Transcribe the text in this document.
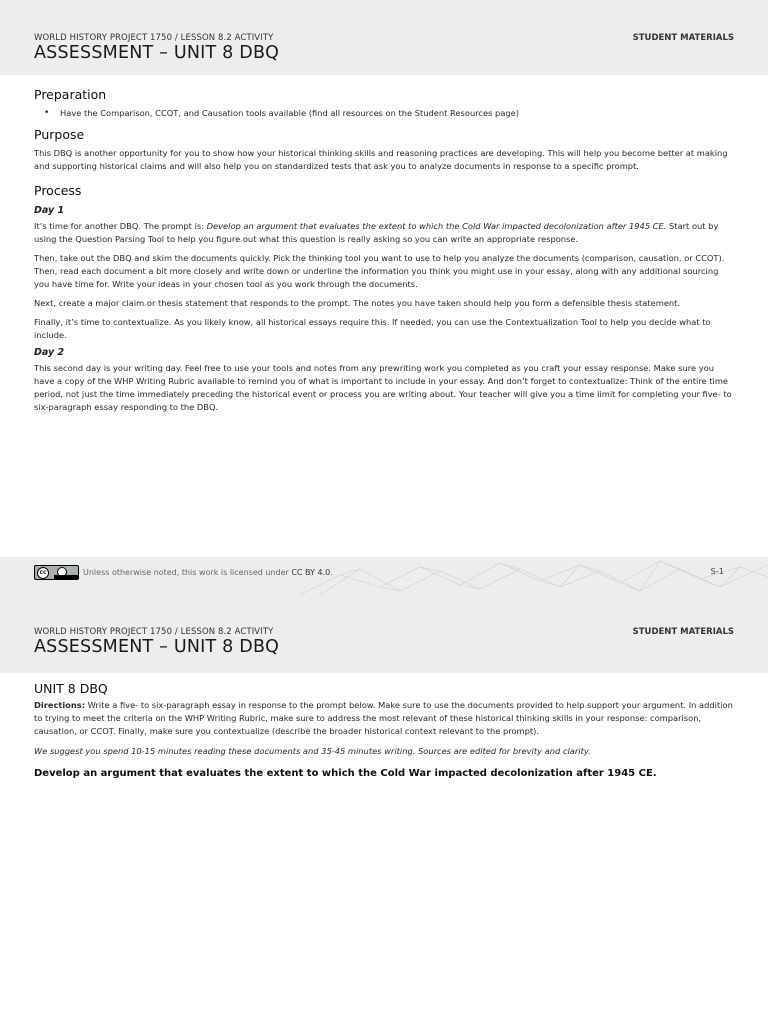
WORLD HISTORY PROJECT 1750 / LESSON 8.2 ACTIVITY	STUDENT MATERIALS
ASSESSMENT – UNIT 8 DBQ
Preparation
• Have the Comparison, CCOT, and Causation tools available (find all resources on the Student Resources page)
Purpose

This DBQ is another opportunity for you to show how your historical thinking skills and reasoning practices are developing. This will help you become better at making and supporting historical claims and will also help you on standardized tests that ask you to analyze documents in response to a specific prompt.

Process
Day 1

It’s time for another DBQ. The prompt is: Develop an argument that evaluates the extent to which the Cold War impacted decolonization after 1945 CE. Start out by using the Question Parsing Tool to help you figure out what this question is really asking so you can write an appropriate response.

Then, take out the DBQ and skim the documents quickly. Pick the thinking tool you want to use to help you analyze the documents (comparison, causation, or CCOT). Then, read each document a bit more closely and write down or underline the information you think you might use in your essay, along with any additional sourcing you have time for. Write your ideas in your chosen tool as you work through the documents.

Next, create a major claim or thesis statement that responds to the prompt. The notes you have taken should help you form a defensible thesis statement.

Finally, it’s time to contextualize. As you likely know, all historical essays require this. If needed, you can use the Contextualization Tool to help you decide what to include.

Day 2

This second day is your writing day. Feel free to use your tools and notes from any prewriting work you completed as you craft your essay response. Make sure you have a copy of the WHP Writing Rubric available to remind you of what is important to include in your essay. And don’t forget to contextualize: Think of the entire time period, not just the time immediately preceding the historical event or process you are writing about. Your teacher will give you a time limit for completing your five- to six-paragraph essay responding to the DBQ.

cc	Unless otherwise noted, this work is licensed under CC BY 4.0.	S-1
WORLD HISTORY PROJECT 1750 / LESSON 8.2 ACTIVITY	STUDENT MATERIALS
ASSESSMENT – UNIT 8 DBQ
UNIT 8 DBQ

Directions: Write a five- to six-paragraph essay in response to the prompt below. Make sure to use the documents provided to help support your argument. In addition to trying to meet the criteria on the WHP Writing Rubric, make sure to address the most relevant of these historical thinking skills in your response: comparison, causation, or CCOT. Finally, make sure you contextualize (describe the broader historical context relevant to the prompt).

We suggest you spend 10-15 minutes reading these documents and 35-45 minutes writing. Sources are edited for brevity and clarity.

Develop an argument that evaluates the extent to which the Cold War impacted decolonization after 1945 CE.
